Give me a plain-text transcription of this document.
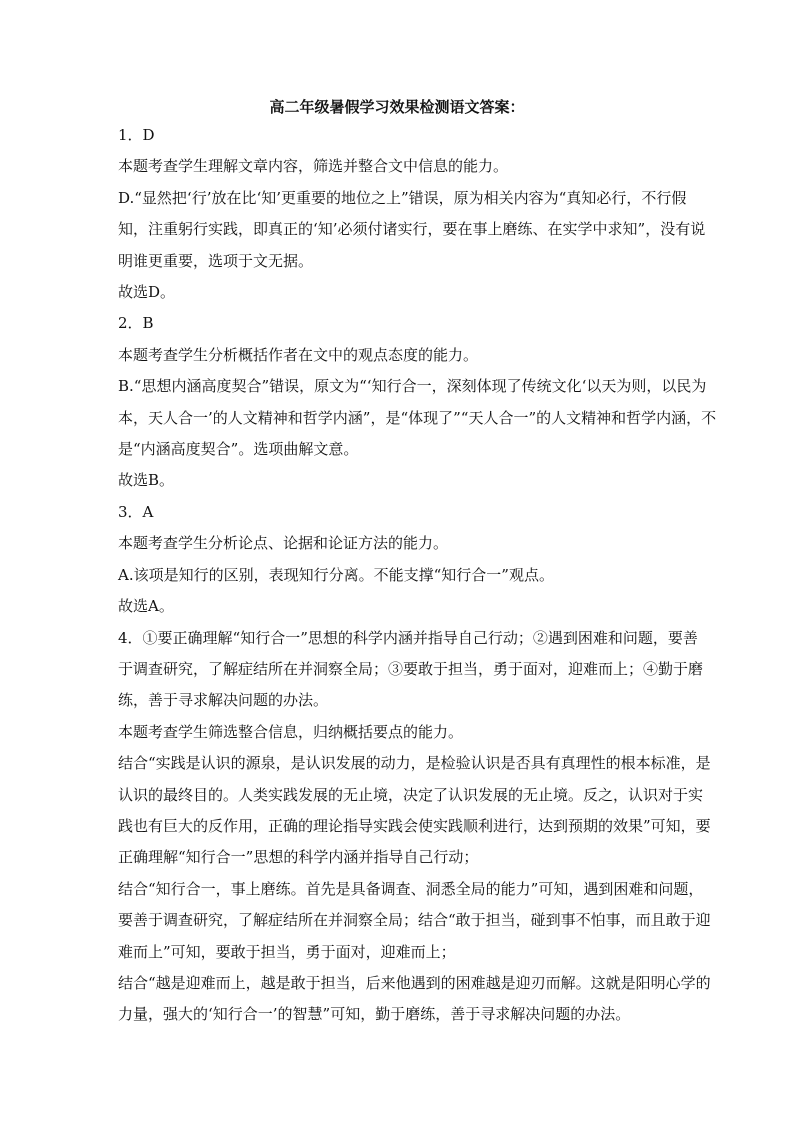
高二年级暑假学习效果检测语文答案：

1．D

本题考查学生理解文章内容，筛选并整合文中信息的能力。

D.“显然把‘行’放在比‘知’更重要的地位之上”错误，原为相关内容为“真知必行，不行假

知，注重躬行实践，即真正的‘知’必须付诸实行，要在事上磨练、在实学中求知”，没有说

明谁更重要，选项于文无据。

故选D。

2．B

本题考查学生分析概括作者在文中的观点态度的能力。

B.“思想内涵高度契合”错误，原文为“‘知行合一，深刻体现了传统文化‘以天为则，以民为

本，天人合一’的人文精神和哲学内涵”，是“体现了”“天人合一”的人文精神和哲学内涵，不

是“内涵高度契合”。选项曲解文意。

故选B。

3．A

本题考查学生分析论点、论据和论证方法的能力。

A.该项是知行的区别，表现知行分离。不能支撑“知行合一”观点。

故选A。

4．①要正确理解“知行合一”思想的科学内涵并指导自己行动；②遇到困难和问题，要善

于调查研究，了解症结所在并洞察全局；③要敢于担当，勇于面对，迎难而上；④勤于磨

练，善于寻求解决问题的办法。

本题考查学生筛选整合信息，归纳概括要点的能力。

结合“实践是认识的源泉，是认识发展的动力，是检验认识是否具有真理性的根本标准，是

认识的最终目的。人类实践发展的无止境，决定了认识发展的无止境。反之，认识对于实

践也有巨大的反作用，正确的理论指导实践会使实践顺利进行，达到预期的效果”可知，要

正确理解“知行合一”思想的科学内涵并指导自己行动；

结合“知行合一，事上磨练。首先是具备调查、洞悉全局的能力”可知，遇到困难和问题，

要善于调查研究，了解症结所在并洞察全局；结合“敢于担当，碰到事不怕事，而且敢于迎

难而上”可知，要敢于担当，勇于面对，迎难而上；

结合“越是迎难而上，越是敢于担当，后来他遇到的困难越是迎刃而解。这就是阳明心学的

力量，强大的‘知行合一’的智慧”可知，勤于磨练，善于寻求解决问题的办法。
